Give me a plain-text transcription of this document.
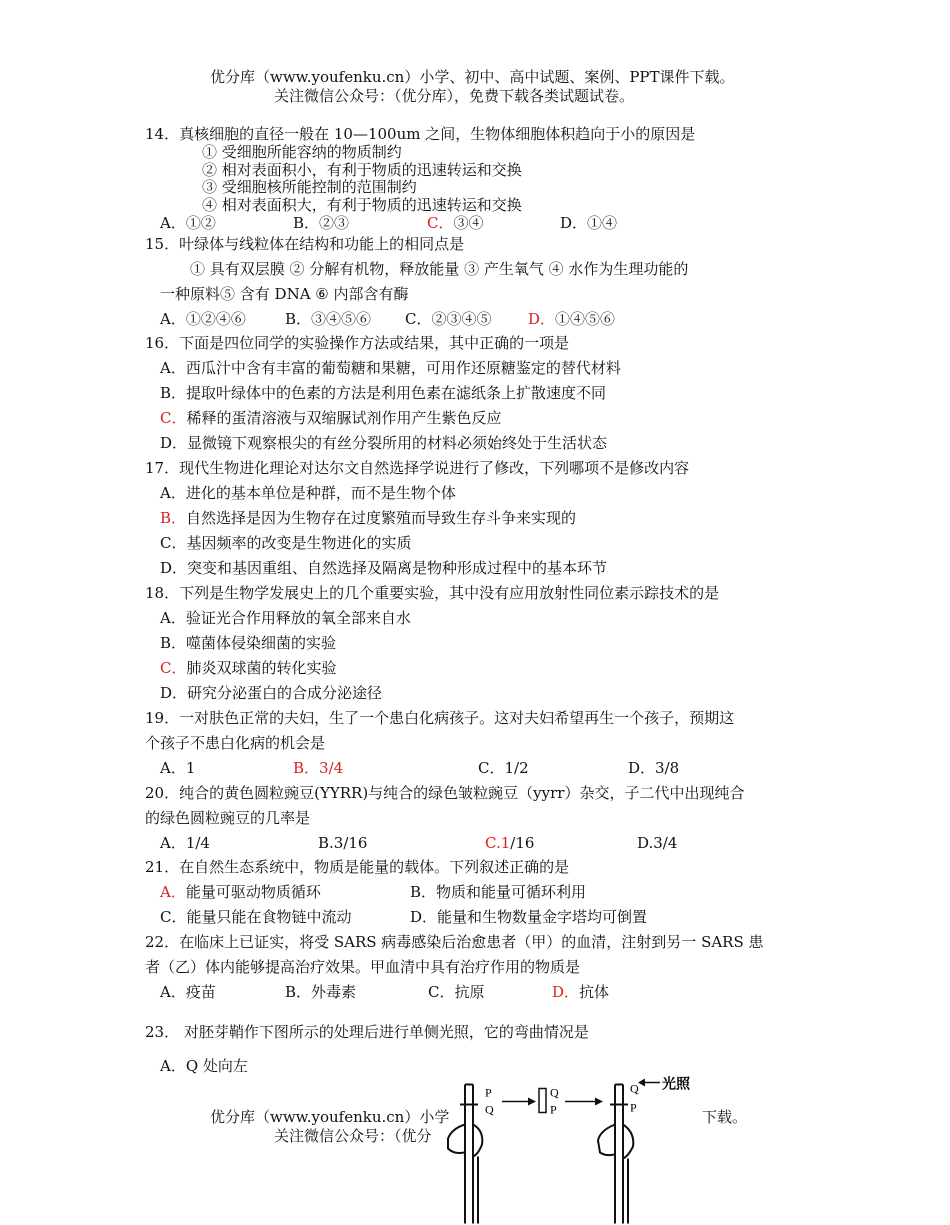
优分库（www.youfenku.cn）小学、初中、高中试题、案例、PPT课件下载。
关注微信公众号：（优分库），免费下载各类试题试卷。
14．真核细胞的直径一般在 10—100um 之间，生物体细胞体积趋向于小的原因是
① 受细胞所能容纳的物质制约
② 相对表面积小，有利于物质的迅速转运和交换
③ 受细胞核所能控制的范围制约
④ 相对表面积大，有利于物质的迅速转运和交换
A．①②	B．②③	C．③④	D．①④
15．叶绿体与线粒体在结构和功能上的相同点是
① 具有双层膜 ② 分解有机物，释放能量 ③ 产生氧气 ④ 水作为生理功能的
一种原料⑤ 含有 DNA ⑥ 内部含有酶
A．①②④⑥	B．③④⑤⑥ C．②③④⑤ D．①④⑤⑥
16．下面是四位同学的实验操作方法或结果，其中正确的一项是
A．西瓜汁中含有丰富的葡萄糖和果糖，可用作还原糖鉴定的替代材料
B．提取叶绿体中的色素的方法是利用色素在滤纸条上扩散速度不同
C．稀释的蛋清溶液与双缩脲试剂作用产生紫色反应
D．显微镜下观察根尖的有丝分裂所用的材料必须始终处于生活状态
17．现代生物进化理论对达尔文自然选择学说进行了修改，下列哪项不是修改内容
A．进化的基本单位是种群，而不是生物个体
B．自然选择是因为生物存在过度繁殖而导致生存斗争来实现的
C．基因频率的改变是生物进化的实质
D．突变和基因重组、自然选择及隔离是物种形成过程中的基本环节
18．下列是生物学发展史上的几个重要实验，其中没有应用放射性同位素示踪技术的是
A．验证光合作用释放的氧全部来自水
B．噬菌体侵染细菌的实验
C．肺炎双球菌的转化实验
D．研究分泌蛋白的合成分泌途径
19．一对肤色正常的夫妇，生了一个患白化病孩子。这对夫妇希望再生一个孩子，预期这
个孩子不患白化病的机会是
A．1	B．3/4	C．1/2	D．3/8
20．纯合的黄色圆粒豌豆(YYRR)与纯合的绿色皱粒豌豆（yyrr）杂交，子二代中出现纯合
的绿色圆粒豌豆的几率是
A．1/4	B.3/16	C.1/16	D.3/4
21．在自然生态系统中，物质是能量的载体。下列叙述正确的是
A．能量可驱动物质循环	B．物质和能量可循环利用
C．能量只能在食物链中流动	D．能量和生物数量金字塔均可倒置
22．在临床上已证实，将受 SARS 病毒感染后治愈患者（甲）的血清，注射到另一 SARS 患
者（乙）体内能够提高治疗效果。甲血清中具有治疗作用的物质是
A．疫苗	B．外毒素	C．抗原	D．抗体
23． 对胚芽鞘作下图所示的处理后进行单侧光照，它的弯曲情况是
A．Q 处向左
优分库（www.youfenku.cn）小学	下载。
关注微信公众号：（优分
P
Q
Q
P
Q
P
光照
